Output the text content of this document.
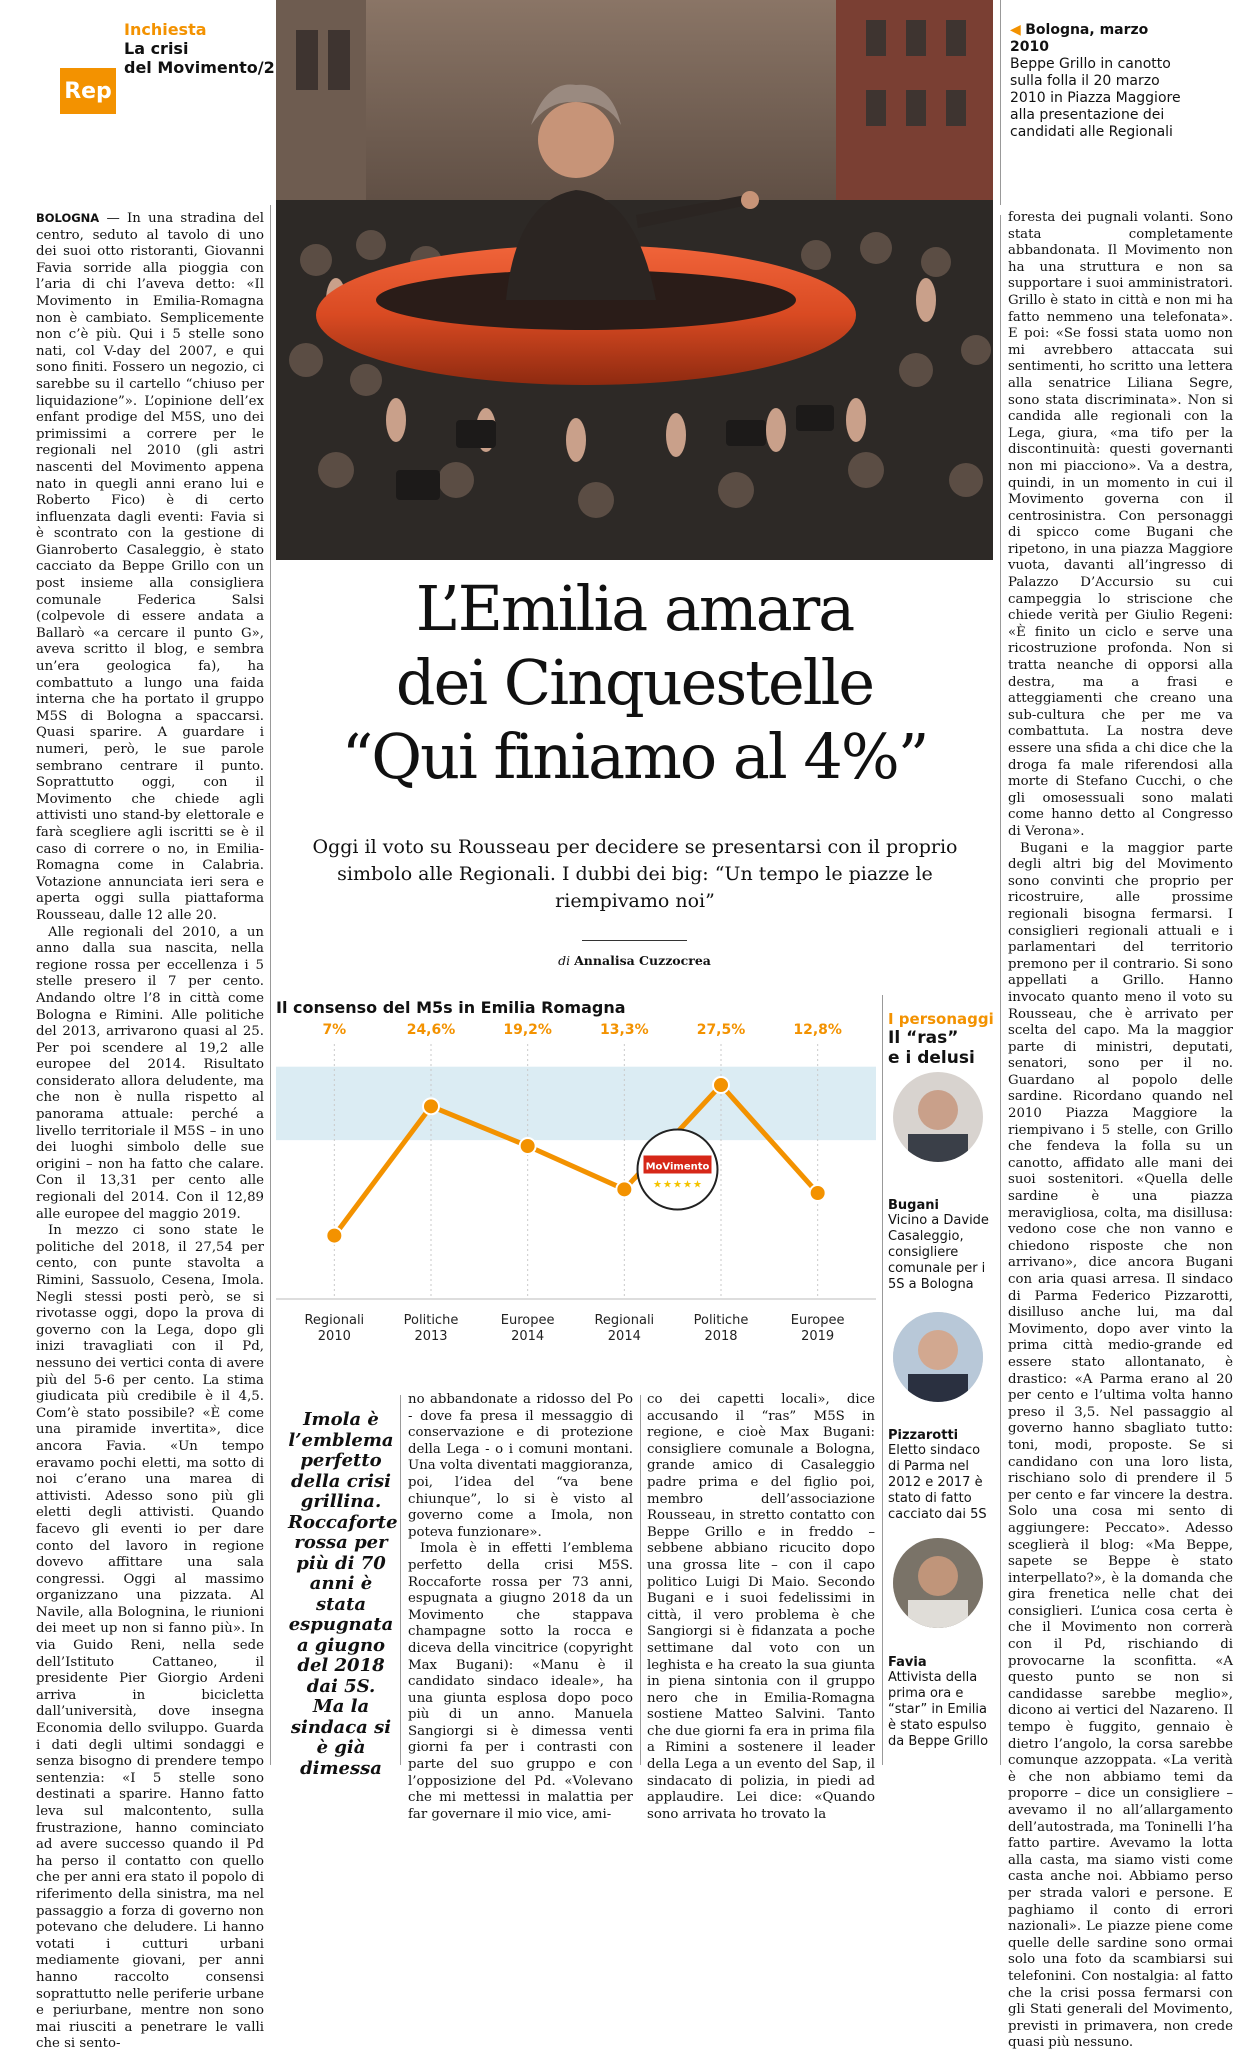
Rep
Inchiesta
La crisi
del Movimento/2
◀ Bologna, marzo 2010
Beppe Grillo in canotto sulla folla il 20 marzo 2010 in Piazza Maggiore alla presentazione dei candidati alle Regionali
L’Emilia amara
dei Cinquestelle
“Qui finiamo al 4%”
Oggi il voto su Rousseau per decidere se presentarsi con il proprio simbolo alle Regionali. I dubbi dei big: “Un tempo le piazze le riempivamo noi”
di Annalisa Cuzzocrea

BOLOGNA — In una stradina del centro, seduto al tavolo di uno dei suoi otto ristoranti, Giovanni Favia sorride alla pioggia con l’aria di chi l’aveva detto: «Il Movimento in Emilia-Romagna non è cambiato. Semplicemente non c’è più. Qui i 5 stelle sono nati, col V-day del 2007, e qui sono finiti. Fossero un negozio, ci sarebbe su il cartello “chiuso per liquidazione”». L’opinione dell’ex enfant prodige del M5S, uno dei primissimi a correre per le regionali nel 2010 (gli astri nascenti del Movimento appena nato in quegli anni erano lui e Roberto Fico) è di certo influenzata dagli eventi: Favia si è scontrato con la gestione di Gianroberto Casaleggio, è stato cacciato da Beppe Grillo con un post insieme alla consigliera comunale Federica Salsi (colpevole di essere andata a Ballarò «a cercare il punto G», aveva scritto il blog, e sembra un’era geologica fa), ha combattuto a lungo una faida interna che ha portato il gruppo M5S di Bologna a spaccarsi. Quasi sparire. A guardare i numeri, però, le sue parole sembrano centrare il punto. Soprattutto oggi, con il Movimento che chiede agli attivisti uno stand-by elettorale e farà scegliere agli iscritti se è il caso di correre o no, in Emilia-Romagna come in Calabria. Votazione annunciata ieri sera e aperta oggi sulla piattaforma Rousseau, dalle 12 alle 20.

Alle regionali del 2010, a un anno dalla sua nascita, nella regione rossa per eccellenza i 5 stelle presero il 7 per cento. Andando oltre l’8 in città come Bologna e Rimini. Alle politiche del 2013, arrivarono quasi al 25. Per poi scendere al 19,2 alle europee del 2014. Risultato considerato allora deludente, ma che non è nulla rispetto al panorama attuale: perché a livello territoriale il M5S – in uno dei luoghi simbolo delle sue origini – non ha fatto che calare. Con il 13,31 per cento alle regionali del 2014. Con il 12,89 alle europee del maggio 2019.

In mezzo ci sono state le politiche del 2018, il 27,54 per cento, con punte stavolta a Rimini, Sassuolo, Cesena, Imola. Negli stessi posti però, se si rivotasse oggi, dopo la prova di governo con la Lega, dopo gli inizi travagliati con il Pd, nessuno dei vertici conta di avere più del 5-6 per cento. La stima giudicata più credibile è il 4,5. Com’è stato possibile? «È come una piramide invertita», dice ancora Favia. «Un tempo eravamo pochi eletti, ma sotto di noi c’erano una marea di attivisti. Adesso sono più gli eletti degli attivisti. Quando facevo gli eventi io per dare conto del lavoro in regione dovevo affittare una sala congressi. Oggi al massimo organizzano una pizzata. Al Navile, alla Bolognina, le riunioni dei meet up non si fanno più». In via Guido Reni, nella sede dell’Istituto Cattaneo, il presidente Pier Giorgio Ardeni arriva in bicicletta dall’università, dove insegna Economia dello sviluppo. Guarda i dati degli ultimi sondaggi e senza bisogno di prendere tempo sentenzia: «I 5 stelle sono destinati a sparire. Hanno fatto leva sul malcontento, sulla frustrazione, hanno cominciato ad avere successo quando il Pd ha perso il contatto con quello che per anni era stato il popolo di riferimento della sinistra, ma nel passaggio a forza di governo non potevano che deludere. Li hanno votati i cutturi urbani mediamente giovani, per anni hanno raccolto consensi soprattutto nelle periferie urbane e periurbane, mentre non sono mai riusciti a penetrare le valli che si sento-

Il consenso del M5s in Emilia Romagna
7%
Regionali
2010
24,6%
Politiche
2013
19,2%
Europee
2014
13,3%
Regionali
2014
27,5%
Politiche
2018
12,8%
Europee
2019
MoVimento
★ ★ ★ ★ ★
I personaggi
Il “ras”
e i delusi
Bugani
Vicino a Davide Casaleggio, consigliere comunale per i 5S a Bologna
Pizzarotti
Eletto sindaco di Parma nel 2012 e 2017 è stato di fatto cacciato dai 5S
Favia
Attivista della prima ora e “star” in Emilia è stato espulso da Beppe Grillo
Imola è l’emblema perfetto della crisi grillina. Roccaforte rossa per più di 70 anni è stata espugnata a giugno del 2018 dai 5S. Ma la sindaca si è già dimessa

no abbandonate a ridosso del Po - dove fa presa il messaggio di conservazione e di protezione della Lega - o i comuni montani. Una volta diventati maggioranza, poi, l’idea del “va bene chiunque”, lo si è visto al governo come a Imola, non poteva funzionare».

Imola è in effetti l’emblema perfetto della crisi M5S. Roccaforte rossa per 73 anni, espugnata a giugno 2018 da un Movimento che stappava champagne sotto la rocca e diceva della vincitrice (copyright Max Bugani): «Manu è il candidato sindaco ideale», ha una giunta esplosa dopo poco più di un anno. Manuela Sangiorgi si è dimessa venti giorni fa per i contrasti con parte del suo gruppo e con l’opposizione del Pd. «Volevano che mi mettessi in malattia per far governare il mio vice, ami-

co dei capetti locali», dice accusando il “ras” M5S in regione, e cioè Max Bugani: consigliere comunale a Bologna, grande amico di Casaleggio padre prima e del figlio poi, membro dell’associazione Rousseau, in stretto contatto con Beppe Grillo e in freddo – sebbene abbiano ricucito dopo una grossa lite – con il capo politico Luigi Di Maio. Secondo Bugani e i suoi fedelissimi in città, il vero problema è che Sangiorgi si è fidanzata a poche settimane dal voto con un leghista e ha creato la sua giunta in piena sintonia con il gruppo nero che in Emilia-Romagna sostiene Matteo Salvini. Tanto che due giorni fa era in prima fila a Rimini a sostenere il leader della Lega a un evento del Sap, il sindacato di polizia, in piedi ad applaudire. Lei dice: «Quando sono arrivata ho trovato la

foresta dei pugnali volanti. Sono stata completamente abbandonata. Il Movimento non ha una struttura e non sa supportare i suoi amministratori. Grillo è stato in città e non mi ha fatto nemmeno una telefonata». E poi: «Se fossi stata uomo non mi avrebbero attaccata sui sentimenti, ho scritto una lettera alla senatrice Liliana Segre, sono stata discriminata». Non si candida alle regionali con la Lega, giura, «ma tifo per la discontinuità: questi governanti non mi piacciono». Va a destra, quindi, in un momento in cui il Movimento governa con il centrosinistra. Con personaggi di spicco come Bugani che ripetono, in una piazza Maggiore vuota, davanti all’ingresso di Palazzo D’Accursio su cui campeggia lo striscione che chiede verità per Giulio Regeni: «È finito un ciclo e serve una ricostruzione profonda. Non si tratta neanche di opporsi alla destra, ma a frasi e atteggiamenti che creano una sub-cultura che per me va combattuta. La nostra deve essere una sfida a chi dice che la droga fa male riferendosi alla morte di Stefano Cucchi, o che gli omosessuali sono malati come hanno detto al Congresso di Verona».

Bugani e la maggior parte degli altri big del Movimento sono convinti che proprio per ricostruire, alle prossime regionali bisogna fermarsi. I consiglieri regionali attuali e i parlamentari del territorio premono per il contrario. Si sono appellati a Grillo. Hanno invocato quanto meno il voto su Rousseau, che è arrivato per scelta del capo. Ma la maggior parte di ministri, deputati, senatori, sono per il no. Guardano al popolo delle sardine. Ricordano quando nel 2010 Piazza Maggiore la riempivano i 5 stelle, con Grillo che fendeva la folla su un canotto, affidato alle mani dei suoi sostenitori. «Quella delle sardine è una piazza meravigliosa, colta, ma disillusa: vedono cose che non vanno e chiedono risposte che non arrivano», dice ancora Bugani con aria quasi arresa. Il sindaco di Parma Federico Pizzarotti, disilluso anche lui, ma dal Movimento, dopo aver vinto la prima città medio-grande ed essere stato allontanato, è drastico: «A Parma erano al 20 per cento e l’ultima volta hanno preso il 3,5. Nel passaggio al governo hanno sbagliato tutto: toni, modi, proposte. Se si candidano con una loro lista, rischiano solo di prendere il 5 per cento e far vincere la destra. Solo una cosa mi sento di aggiungere: Peccato». Adesso sceglierà il blog: «Ma Beppe, sapete se Beppe è stato interpellato?», è la domanda che gira frenetica nelle chat dei consiglieri. L’unica cosa certa è che il Movimento non correrà con il Pd, rischiando di provocarne la sconfitta. «A questo punto se non si candidasse sarebbe meglio», dicono ai vertici del Nazareno. Il tempo è fuggito, gennaio è dietro l’angolo, la corsa sarebbe comunque azzoppata. «La verità è che non abbiamo temi da proporre – dice un consigliere – avevamo il no all’allargamento dell’autostrada, ma Toninelli l’ha fatto partire. Avevamo la lotta alla casta, ma siamo visti come casta anche noi. Abbiamo perso per strada valori e persone. E paghiamo il conto di errori nazionali». Le piazze piene come quelle delle sardine sono ormai solo una foto da scambiarsi sui telefonini. Con nostalgia: al fatto che la crisi possa fermarsi con gli Stati generali del Movimento, previsti in primavera, non crede quasi più nessuno.
